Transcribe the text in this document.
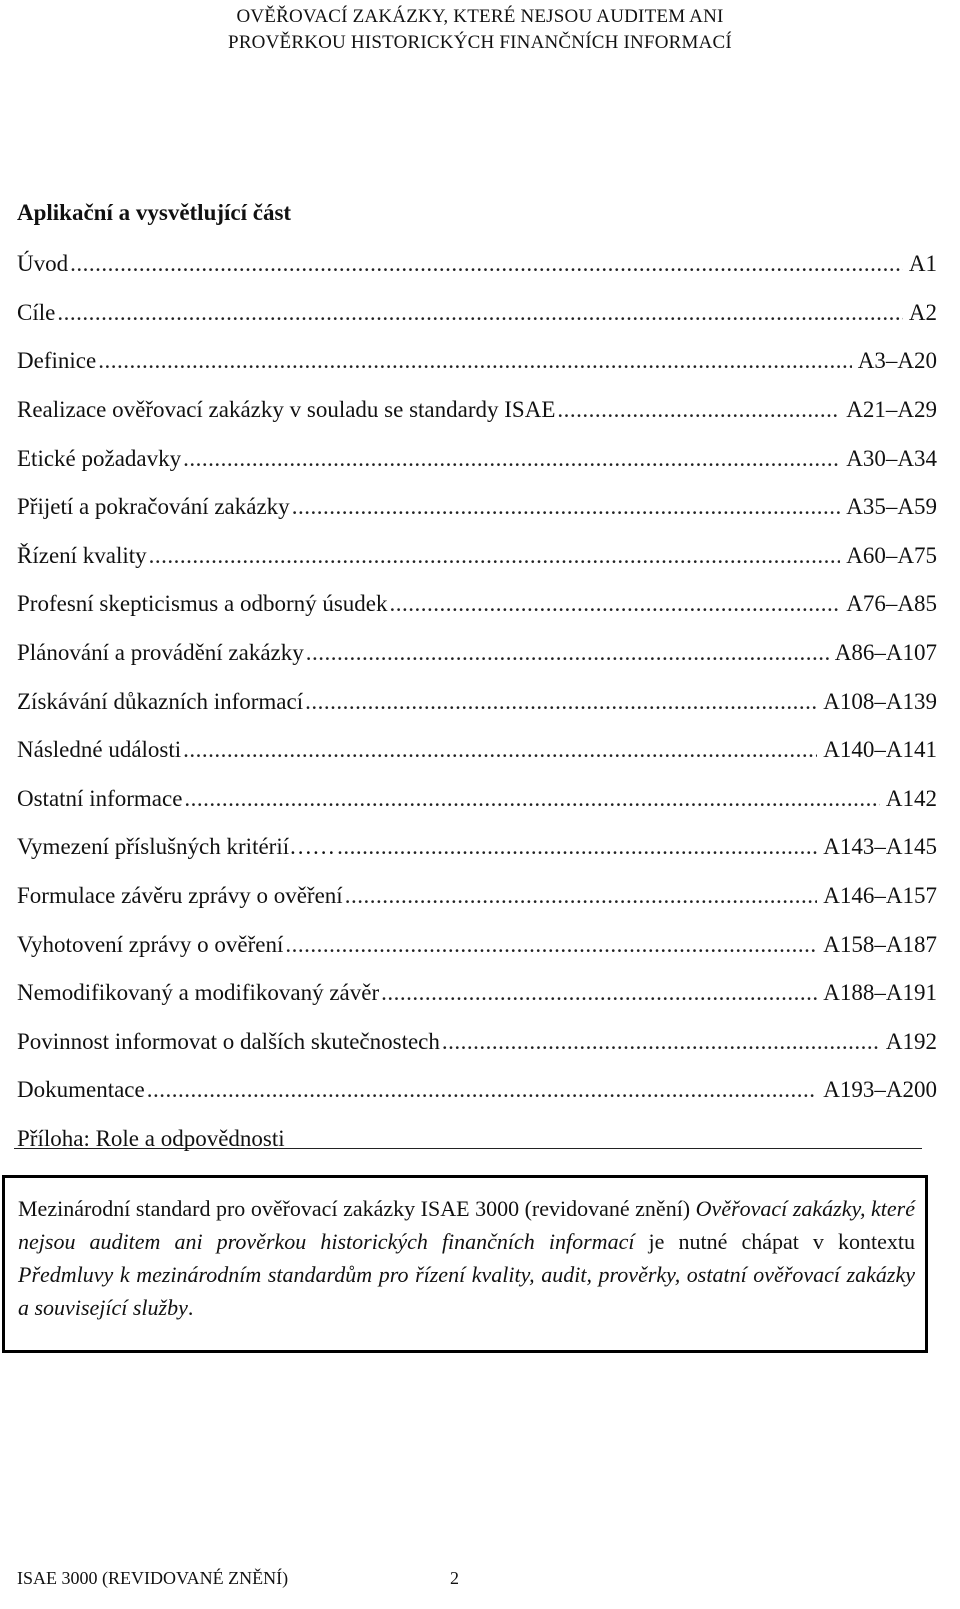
OVĚŘOVACÍ ZAKÁZKY, KTERÉ NEJSOU AUDITEM ANI
PROVĚRKOU HISTORICKÝCH FINANČNÍCH INFORMACÍ
Aplikační a vysvětlující část
Úvod .....	A1
Cíle .....	A2
Definice .....	A3–A20
Realizace ověřovací zakázky v souladu se standardy ISAE .....	A21–A29
Etické požadavky .....	A30–A34
Přijetí a pokračování zakázky .....	A35–A59
Řízení kvality .....	A60–A75
Profesní skepticismus a odborný úsudek .....	A76–A85
Plánování a provádění zakázky .....	A86–A107
Získávání důkazních informací .....	A108–A139
Následné události .....	A140–A141
Ostatní informace .....	A142
Vymezení příslušných kritérií…… .....	A143–A145
Formulace závěru zprávy o ověření .....	A146–A157
Vyhotovení zprávy o ověření .....	A158–A187
Nemodifikovaný a modifikovaný závěr .....	A188–A191
Povinnost informovat o dalších skutečnostech .....	A192
Dokumentace .....	A193–A200
Příloha: Role a odpovědnosti

Mezinárodní standard pro ověřovací zakázky ISAE 3000 (revidované znění) Ověřovací zakázky, které nejsou auditem ani prověrkou historických finančních informací je nutné chápat v kontextu Předmluvy k mezinárodním standardům pro řízení kvality, audit, prověrky, ostatní ověřovací zakázky a související služby.

ISAE 3000 (REVIDOVANÉ ZNĚNÍ)	2
